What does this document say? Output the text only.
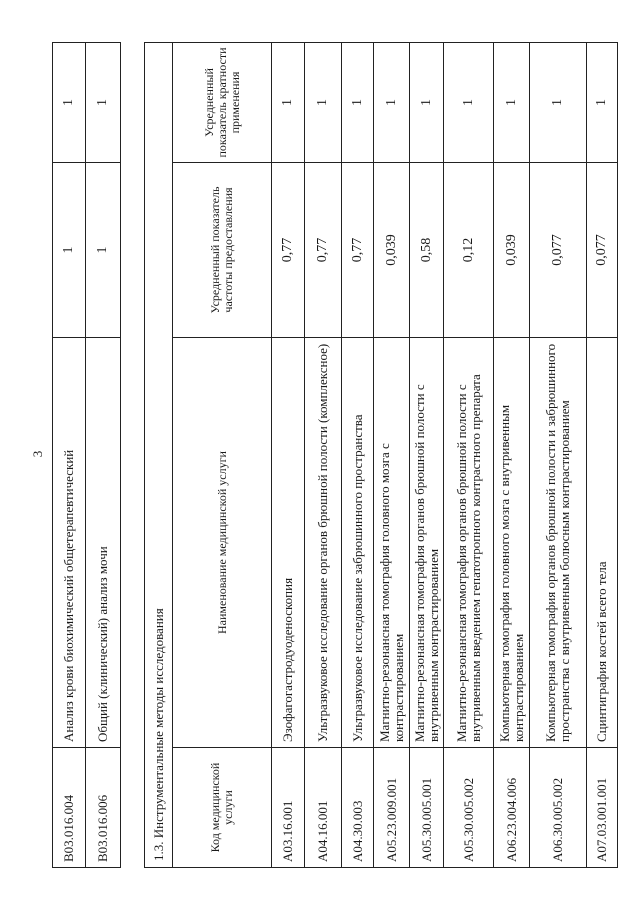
3
B03.016.004	Анализ крови биохимический общетерапевтический	1	1
B03.016.006	Общий (клинический) анализ мочи	1	1
1.3. Инструментальные методы исследования			
Код медицинской услуги	Наименование медицинской услуги	Усредненный показатель частоты предоставления	Усредненный показатель кратности применения
A03.16.001	Эзофагогастродуоденоскопия	0,77	1
A04.16.001	Ультразвуковое исследование органов брюшной полости (комплексное)	0,77	1
A04.30.003	Ультразвуковое исследование забрюшинного пространства	0,77	1
A05.23.009.001	Магнитно-резонансная томография головного мозга с контрастированием	0,039	1
A05.30.005.001	Магнитно-резонансная томография органов брюшной полости с внутривенным контрастированием	0,58	1
A05.30.005.002	Магнитно-резонансная томография органов брюшной полости с внутривенным введением гепатотропного контрастного препарата	0,12	1
A06.23.004.006	Компьютерная томография головного мозга с внутривенным контрастированием	0,039	1
A06.30.005.002	Компьютерная томография органов брюшной полости и забрюшинного пространства с внутривенным болюсным контрастированием	0,077	1
A07.03.001.001	Сцинтиграфия костей всего тела	0,077	1
